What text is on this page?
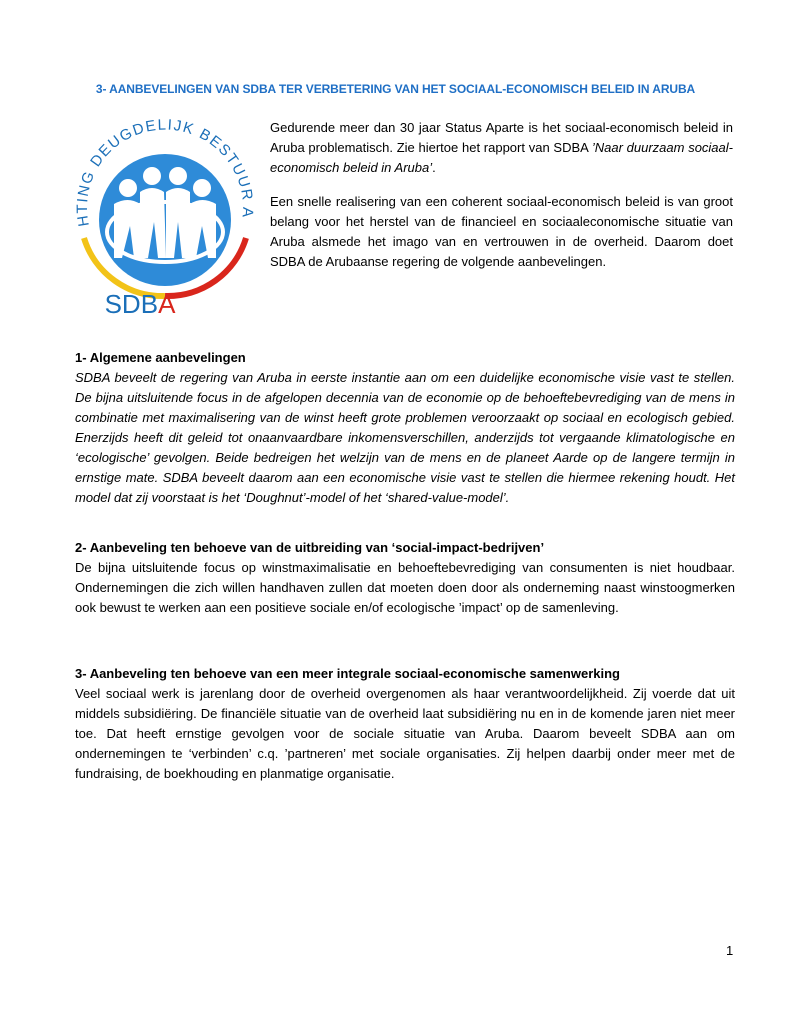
3- AANBEVELINGEN VAN SDBA TER VERBETERING VAN HET SOCIAAL-ECONOMISCH BELEID IN ARUBA
HTING DEUGDELIJK BESTUUR A
SDBA

Gedurende meer dan 30 jaar Status Aparte is het sociaal-economisch beleid in Aruba problematisch. Zie hiertoe het rapport van SDBA ’Naar duurzaam sociaal-economisch beleid in Aruba’.

Een snelle realisering van een coherent sociaal-economisch beleid is van groot belang voor het herstel van de financieel en sociaaleconomische situatie van Aruba alsmede het imago van en vertrouwen in de overheid. Daarom doet SDBA de Arubaanse regering de volgende aanbevelingen.

1- Algemene aanbevelingen

SDBA beveelt de regering van Aruba in eerste instantie aan om een duidelijke economische visie vast te stellen. De bijna uitsluitende focus in de afgelopen decennia van de economie op de behoeftebevrediging van de mens in combinatie met maximalisering van de winst heeft grote problemen veroorzaakt op sociaal en ecologisch gebied. Enerzijds heeft dit geleid tot onaanvaardbare inkomensverschillen, anderzijds tot vergaande klimatologische en ‘ecologische’ gevolgen. Beide bedreigen het welzijn van de mens en de planeet Aarde op de langere termijn in ernstige mate. SDBA beveelt daarom aan een economische visie vast te stellen die hiermee rekening houdt. Het model dat zij voorstaat is het ‘Doughnut’-model of het ‘shared-value-model’.

2- Aanbeveling ten behoeve van de uitbreiding van ‘social-impact-bedrijven’

De bijna uitsluitende focus op winstmaximalisatie en behoeftebevrediging van consumenten is niet houdbaar. Ondernemingen die zich willen handhaven zullen dat moeten doen door als onderneming naast winstoogmerken ook bewust te werken aan een positieve sociale en/of ecologische ’impact’ op de samenleving.

3- Aanbeveling ten behoeve van een meer integrale sociaal-economische samenwerking

Veel sociaal werk is jarenlang door de overheid overgenomen als haar verantwoordelijkheid. Zij voerde dat uit middels subsidiëring. De financiële situatie van de overheid laat subsidiëring nu en in de komende jaren niet meer toe. Dat heeft ernstige gevolgen voor de sociale situatie van Aruba. Daarom beveelt SDBA aan om ondernemingen te ‘verbinden’ c.q. ’partneren’ met sociale organisaties. Zij helpen daarbij onder meer met de fundraising, de boekhouding en planmatige organisatie.

1
